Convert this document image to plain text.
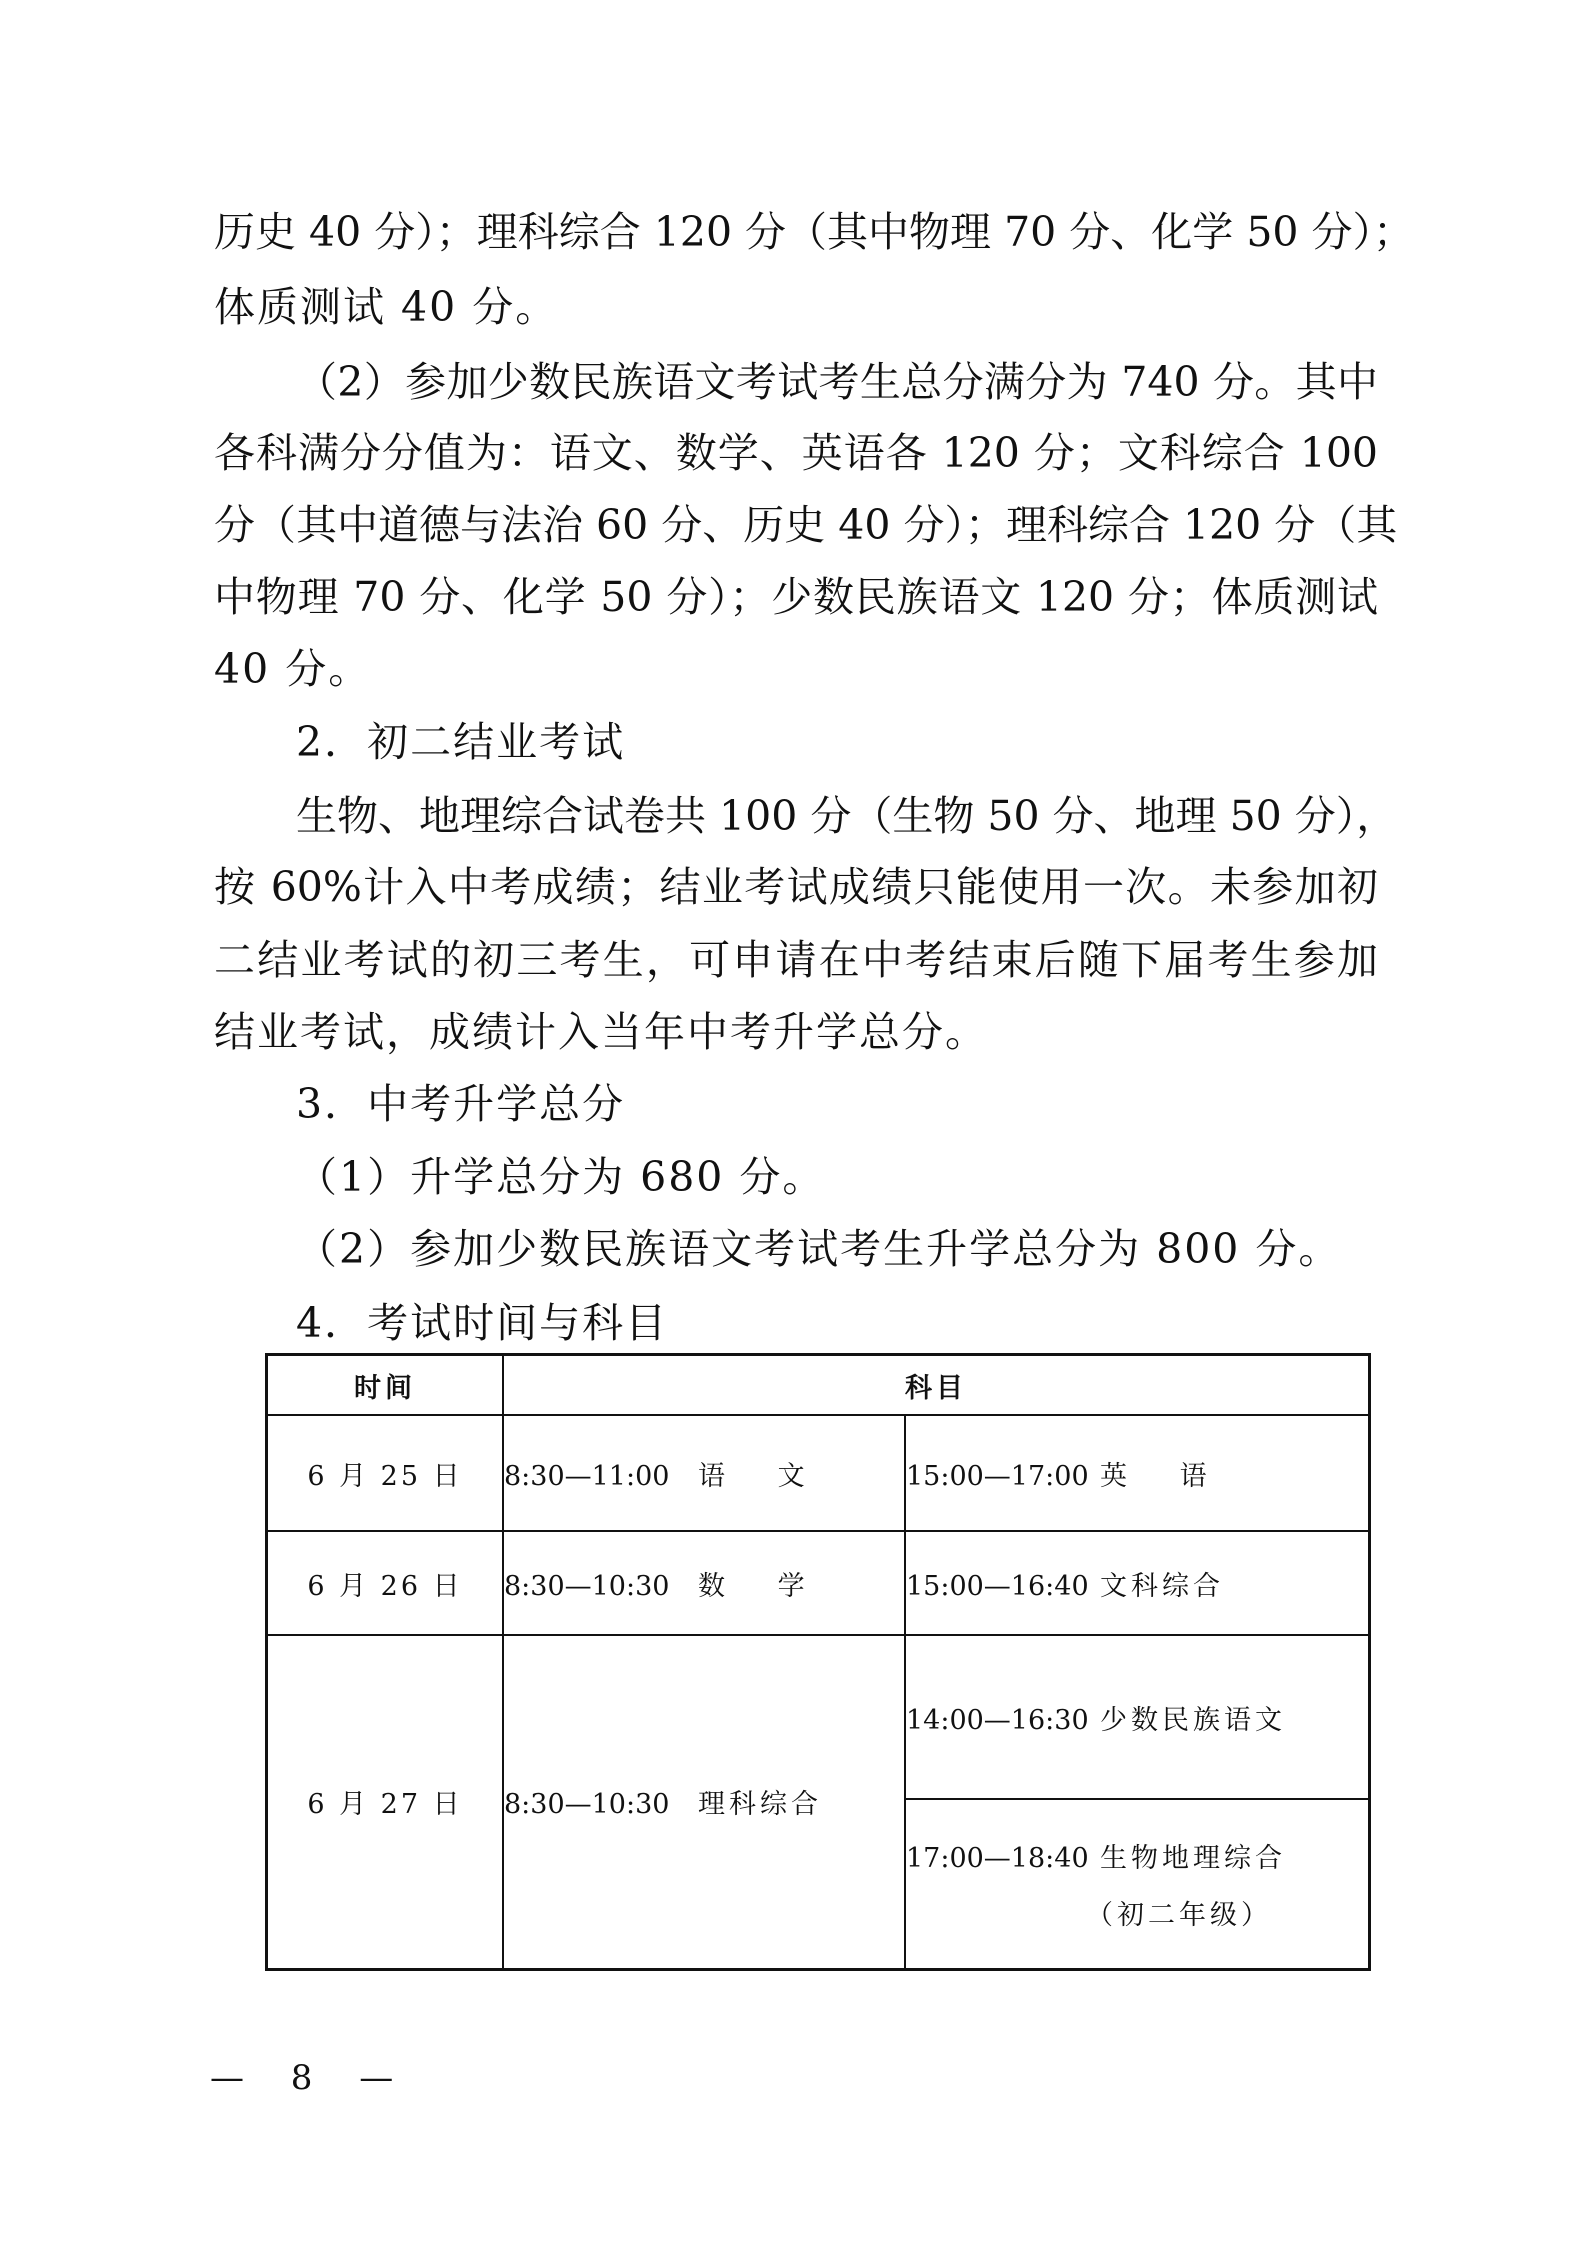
历史 40 分）；理科综合 120 分（其中物理 70 分、化学 50 分）；
体质测试 40 分。
（2）参加少数民族语文考试考生总分满分为 740 分。其中
各科满分分值为：语文、数学、英语各 120 分；文科综合 100
分（其中道德与法治 60 分、历史 40 分）；理科综合 120 分（其
中物理 70 分、化学 50 分）；少数民族语文 120 分；体质测试
40 分。
2．初二结业考试
生物、地理综合试卷共 100 分（生物 50 分、地理 50 分），
按 60%计入中考成绩；结业考试成绩只能使用一次。未参加初
二结业考试的初三考生，可申请在中考结束后随下届考生参加
结业考试，成绩计入当年中考升学总分。
3．中考升学总分
（1）升学总分为 680 分。
（2）参加少数民族语文考试考生升学总分为 800 分。
4．考试时间与科目
时间	科目	
6 月 25 日	8:30—11:00 语 文	15:00—17:00 英 语
6 月 26 日	8:30—10:30 数 学	15:00—16:40 文科综合
6 月 27 日	8:30—10:30 理科综合	14:00—16:30 少数民族语文

		17:00—18:40 生物地理综合
（初二年级）
— 8 —
